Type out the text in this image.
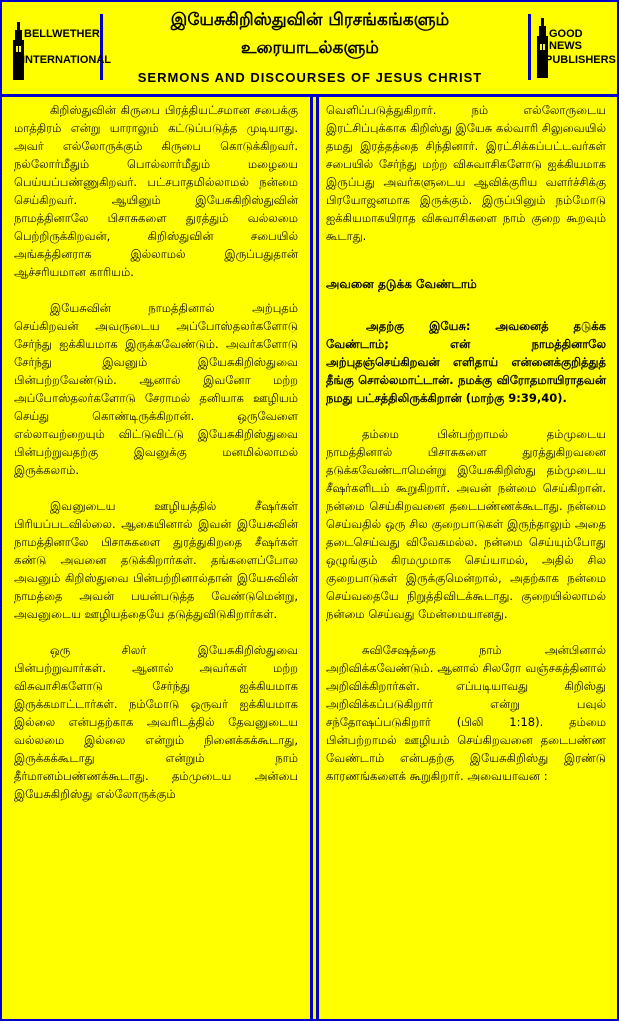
BELLWETHER
INTERNATIONAL
இயேசுகிறிஸ்துவின் பிரசங்கங்களும்
உரையாடல்களும்
SERMONS AND DISCOURSES OF JESUS CHRIST
GOOD NEWS
PUBLISHERS

கிறிஸ்துவின் கிருபை பிரத்தியட்சமான சபைக்கு மாத்திரம் என்று யாராலும் கட்டுப்படுத்த முடியாது. அவர் எல்லோருக்கும் கிருபை கொடுக்கிறவர். நல்லோர்மீதும் பொல்லார்மீதும் மழையை பெய்யப்பண்ணுகிறவர். பட்சபாதமில்லாமல் நன்மை செய்கிறவர். ஆயினும் இயேசுகிறிஸ்துவின் நாமத்தினாலே பிசாசுகளை துரத்தும் வல்லமை பெற்றிருக்கிறவன், கிறிஸ்துவின் சபையில் அங்கத்தினராக இல்லாமல் இருப்பதுதான் ஆச்சரியமான காரியம்.

இயேசுவின் நாமத்தினால் அற்புதம் செய்கிறவன் அவருடைய அப்போஸ்தலர்களோடு சேர்ந்து ஐக்கியமாக இருக்கவேண்டும். அவர்களோடு சேர்ந்து இவனும் இயேசுகிறிஸ்துவை பின்பற்றவேண்டும். ஆனால் இவனோ மற்ற அப்போஸ்தலர்களோடு சேராமல் தனியாக ஊழியம் செய்து கொண்டிருக்கிறான். ஒருவேளை எல்லாவற்றையும் விட்டுவிட்டு இயேசுகிறிஸ்துவை பின்பற்றுவதற்கு இவனுக்கு மனமில்லாமல் இருக்கலாம்.

இவனுடைய ஊழியத்தில் சீஷர்கள் பிரியப்படவில்லை. ஆகையினால் இவன் இயேசுவின் நாமத்தினாலே பிசாசுகளை துரத்துகிறதை சீஷர்கள் கண்டு அவனை தடுக்கிறார்கள். தங்களைப்போல அவனும் கிறிஸ்துவை பின்பற்றினால்தான் இயேசுவின் நாமத்தை அவன் பயன்படுத்த வேண்டுமென்று, அவனுடைய ஊழியத்தையே தடுத்துவிடுகிறார்கள்.

ஒரு சிலர் இயேசுகிறிஸ்துவை பின்பற்றுவார்கள். ஆனால் அவர்கள் மற்ற விசுவாசிகளோடு சேர்ந்து ஐக்கியமாக இருக்கமாட்டார்கள். நம்மோடு ஒருவர் ஐக்கியமாக இல்லை என்பதற்காக அவரிடத்தில் தேவனுடைய வல்லமை இல்லை என்றும் நினைக்கக்கூடாது, இருக்கக்கூடாது என்றும் நாம் தீர்மானம்பண்ணக்கூடாது. தம்முடைய அன்பை இயேசுகிறிஸ்து எல்லோருக்கும்

வெளிப்படுத்துகிறார். நம் எல்லோருடைய இரட்சிப்புக்காக கிறிஸ்து இயேசு கல்வாரி சிலுவையில் தமது இரத்தத்தை சிந்தினார். இரட்சிக்கப்பட்டவர்கள் சபையில் சேர்ந்து மற்ற விசுவாசிகளோடு ஐக்கியமாக இருப்பது அவர்களுடைய ஆவிக்குரிய வளர்ச்சிக்கு பிரயோஜனமாக இருக்கும். இருப்பினும் நம்மோடு ஐக்கியமாகயிராத விசுவாசிகளை நாம் குறை கூறவும் கூடாது.

அவனை தடுக்க வேண்டாம்

அதற்கு இயேசு: அவனைத் தடுக்க வேண்டாம்; என் நாமத்தினாலே அற்புதஞ்செய்கிறவன் எளிதாய் என்னைக்குறித்துத் தீங்கு சொல்லமாட்டான். நமக்கு விரோதமாயிராதவன் நமது பட்சத்திலிருக்கிறான் (மாற்கு 9:39,40).

தம்மை பின்பற்றாமல் தம்முடைய நாமத்தினால் பிசாசுகளை துரத்துகிறவனை தடுக்கவேண்டாமென்று இயேசுகிறிஸ்து தம்முடைய சீஷர்களிடம் கூறுகிறார். அவன் நன்மை செய்கிறான். நன்மை செய்கிறவனை தடைபண்ணக்கூடாது. நன்மை செய்வதில் ஒரு சில குறைபாடுகள் இருந்தாலும் அதை தடைசெய்வது விவேகமல்ல. நன்மை செய்யும்போது ஒழுங்கும் கிரமமுமாக செய்யாமல், அதில் சில குறைபாடுகள் இருக்குமென்றால், அதற்காக நன்மை செய்வதையே நிறுத்திவிடக்கூடாது. குறையில்லாமல் நன்மை செய்வது மேன்மையானது.

சுவிசேஷத்தை நாம் அன்பினால் அறிவிக்கவேண்டும். ஆனால் சிலரோ வஞ்சகத்தினால் அறிவிக்கிறார்கள். எப்படியாவது கிறிஸ்து அறிவிக்கப்படுகிறார் என்று பவுல் சந்தோஷப்படுகிறார் (பிலி 1:18). தம்மை பின்பற்றாமல் ஊழியம் செய்கிறவனை தடைபண்ண வேண்டாம் என்பதற்கு இயேசுகிறிஸ்து இரண்டு காரணங்களைக் கூறுகிறார். அவையாவன :
